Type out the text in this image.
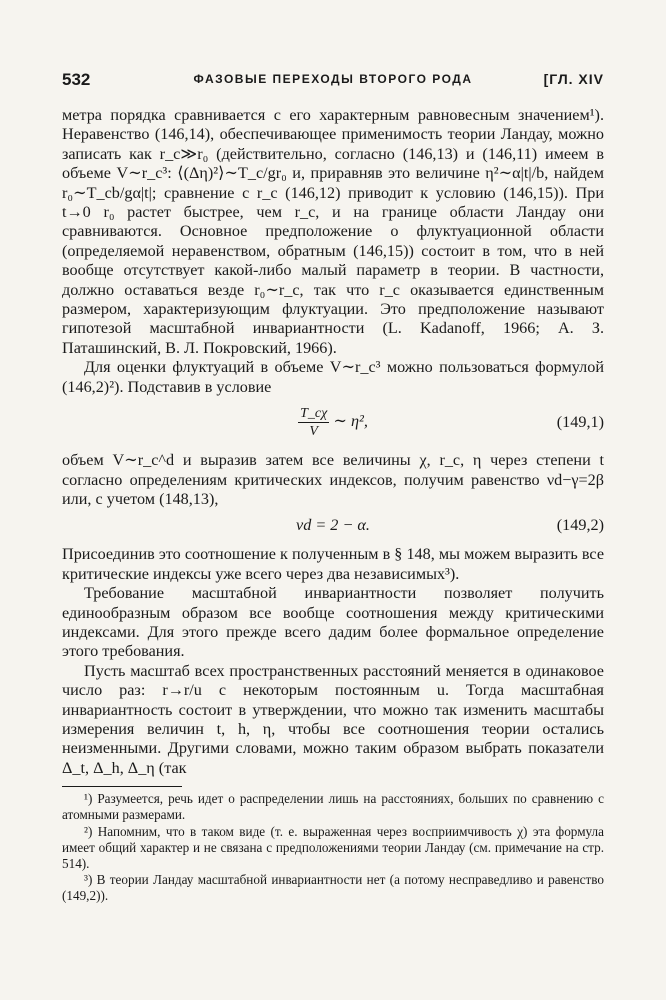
532	ФАЗОВЫЕ ПЕРЕХОДЫ ВТОРОГО РОДА	[ГЛ. XIV

метра порядка сравнивается с его характерным равновесным значением¹). Неравенство (146,14), обеспечивающее применимость теории Ландау, можно записать как r_c≫r₀ (действительно, согласно (146,13) и (146,11) имеем в объеме V∼r_c³: ⟨(Δη)²⟩∼T_c/gr₀ и, приравняв это величине η²∼α|t|/b, найдем r₀∼T_cb/gα|t|; сравнение с r_c (146,12) приводит к условию (146,15)). При t→0 r₀ растет быстрее, чем r_c, и на границе области Ландау они сравниваются. Основное предположение о флуктуационной области (определяемой неравенством, обратным (146,15)) состоит в том, что в ней вообще отсутствует какой-либо малый параметр в теории. В частности, должно оставаться везде r₀∼r_c, так что r_c оказывается единственным размером, характеризующим флуктуации. Это предположение называют гипотезой масштабной инвариантности (L. Kadanoff, 1966; А. З. Паташинский, В. Л. Покровский, 1966).

Для оценки флуктуаций в объеме V∼r_c³ можно пользоваться формулой (146,2)²). Подставив в условие

$\frac{T\_c\chi}{V}$ ∼ η²,	(149,1)

объем V∼r_c^d и выразив затем все величины χ, r_c, η через степени t согласно определениям критических индексов, получим равенство νd−γ=2β или, с учетом (148,13),

νd = 2 − α.	(149,2)

Присоединив это соотношение к полученным в § 148, мы можем выразить все критические индексы уже всего через два независимых³).

Требование масштабной инвариантности позволяет получить единообразным образом все вообще соотношения между критическими индексами. Для этого прежде всего дадим более формальное определение этого требования.

Пусть масштаб всех пространственных расстояний меняется в одинаковое число раз: r→r/u с некоторым постоянным u. Тогда масштабная инвариантность состоит в утверждении, что можно так изменить масштабы измерения величин t, h, η, чтобы все соотношения теории остались неизменными. Другими словами, можно таким образом выбрать показатели Δ_t, Δ_h, Δ_η (так

¹) Разумеется, речь идет о распределении лишь на расстояниях, больших по сравнению с атомными размерами.

²) Напомним, что в таком виде (т. е. выраженная через восприимчивость χ) эта формула имеет общий характер и не связана с предположениями теории Ландау (см. примечание на стр. 514).

³) В теории Ландау масштабной инвариантности нет (а потому несправедливо и равенство (149,2)).
